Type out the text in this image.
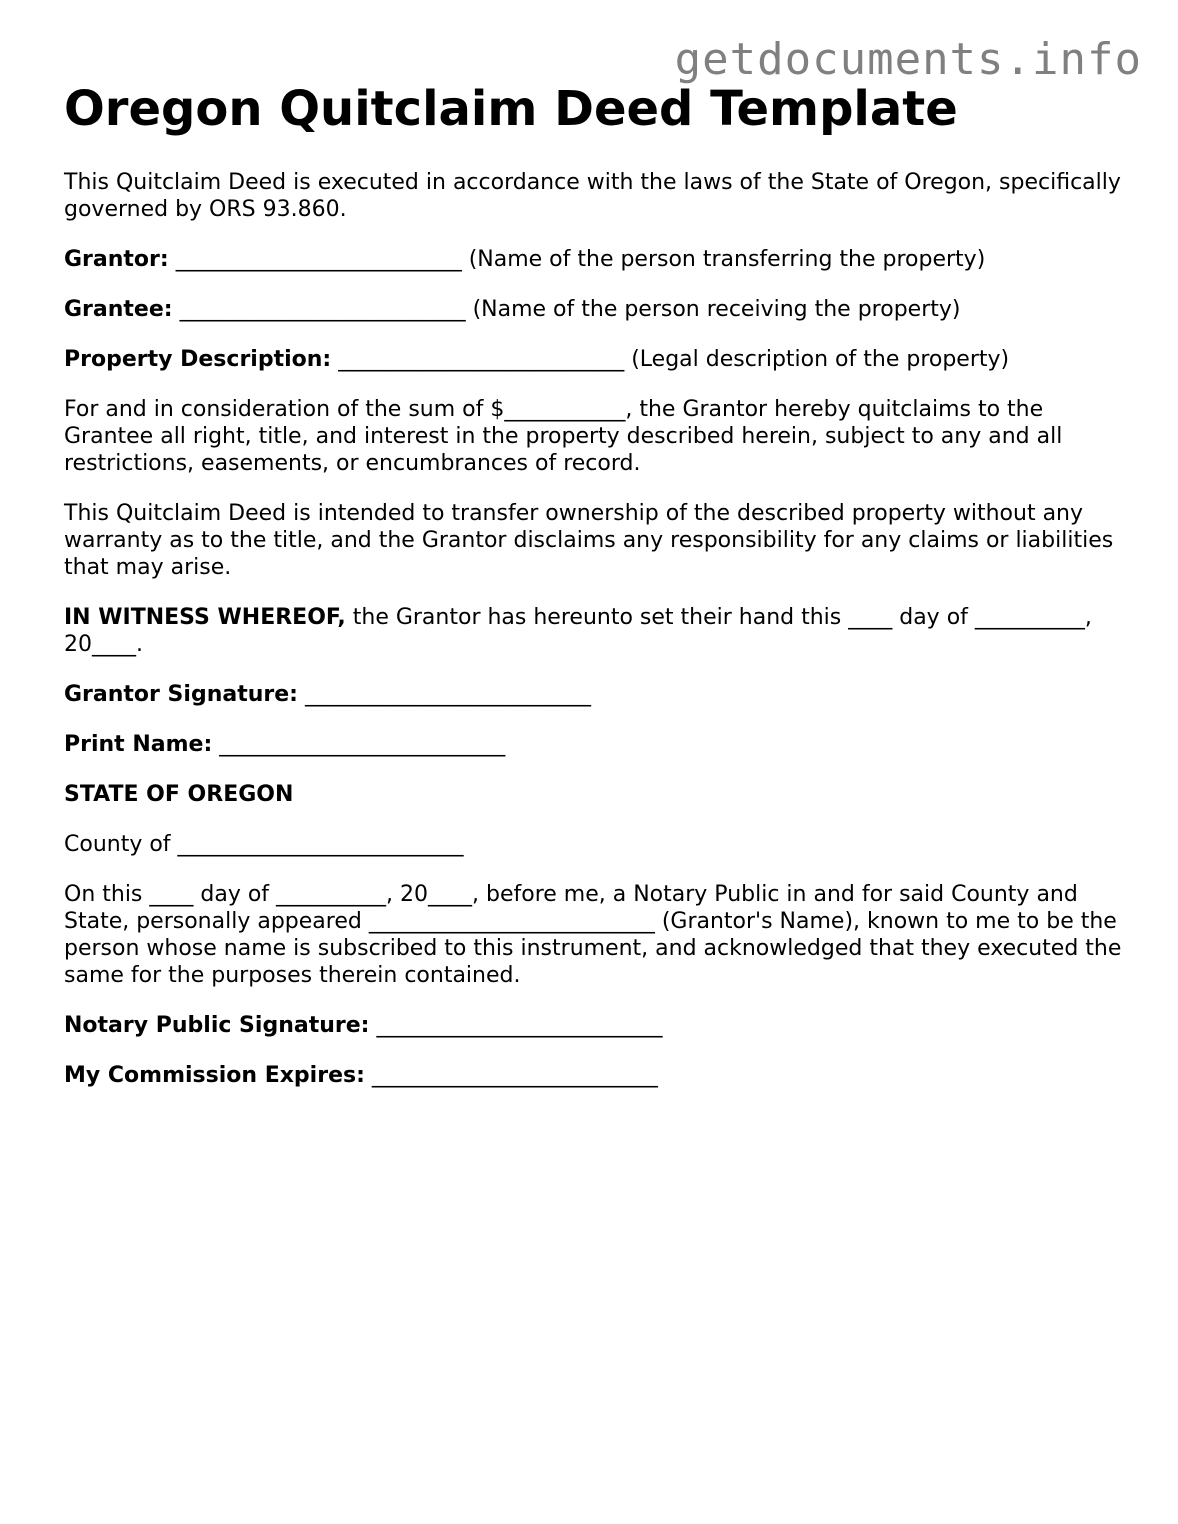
getdocuments.info
Oregon Quitclaim Deed Template

This Quitclaim Deed is executed in accordance with the laws of the State of Oregon, specifically governed by ORS 93.860.

Grantor: __________________________ (Name of the person transferring the property)

Grantee: __________________________ (Name of the person receiving the property)

Property Description: __________________________ (Legal description of the property)

For and in consideration of the sum of $___________, the Grantor hereby quitclaims to the Grantee all right, title, and interest in the property described herein, subject to any and all restrictions, easements, or encumbrances of record.

This Quitclaim Deed is intended to transfer ownership of the described property without any warranty as to the title, and the Grantor disclaims any responsibility for any claims or liabilities that may arise.

IN WITNESS WHEREOF, the Grantor has hereunto set their hand this ____ day of __________, 20____.

Grantor Signature: __________________________

Print Name: __________________________

STATE OF OREGON

County of __________________________

On this ____ day of __________, 20____, before me, a Notary Public in and for said County and State, personally appeared __________________________ (Grantor's Name), known to me to be the person whose name is subscribed to this instrument, and acknowledged that they executed the same for the purposes therein contained.

Notary Public Signature: __________________________

My Commission Expires: __________________________
